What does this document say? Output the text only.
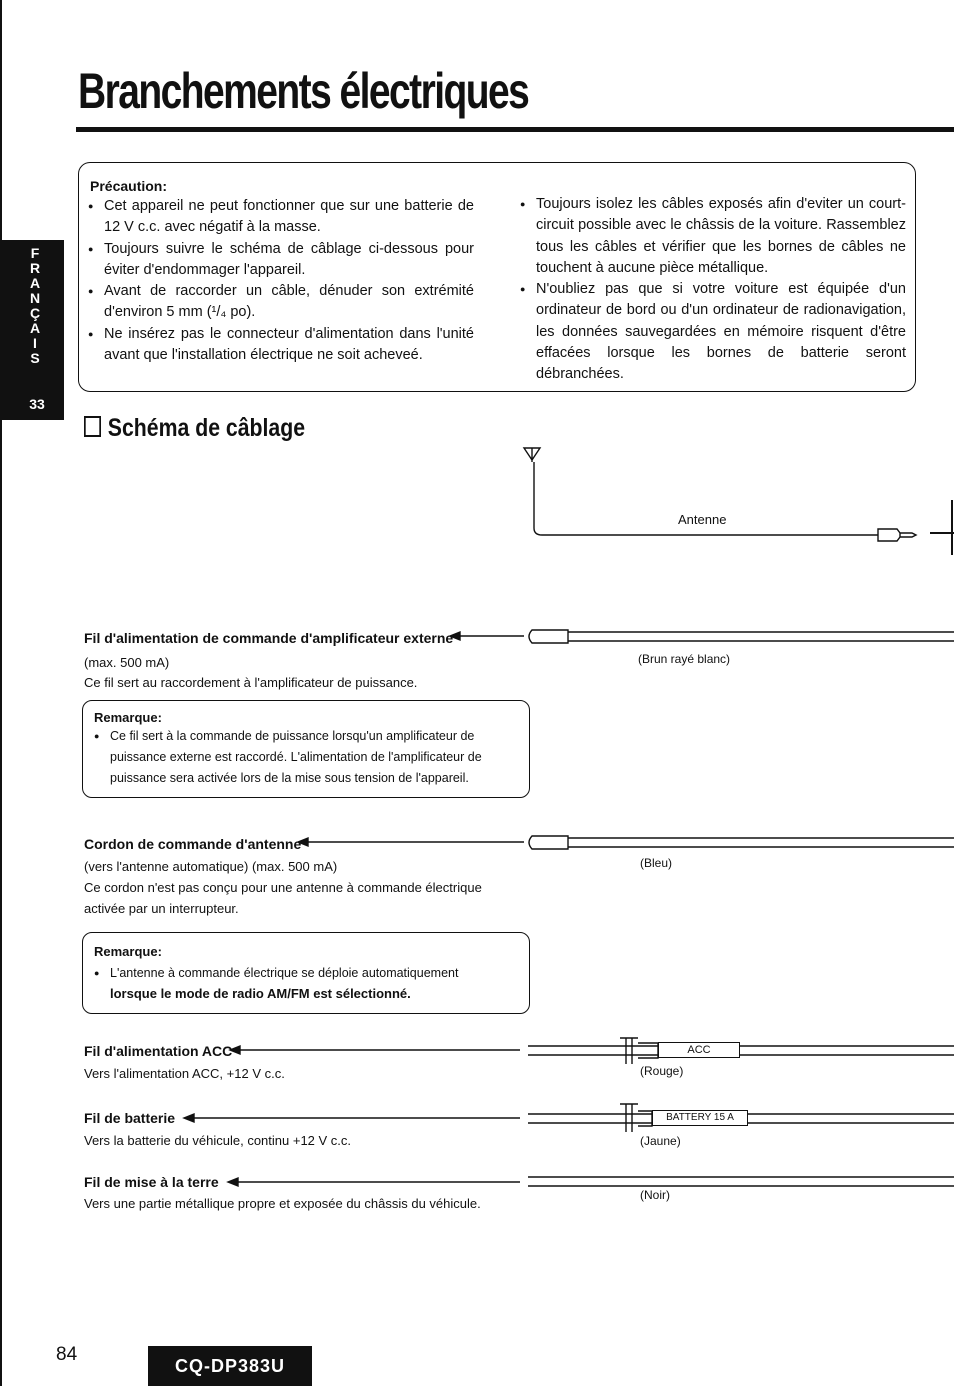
Branchements électriques
F
R
A
N
Ç
A
I
S
33
Précaution:
● Cet appareil ne peut fonctionner que sur une batterie de 12 V c.c. avec négatif à la masse.
● Toujours suivre le schéma de câblage ci-dessous pour éviter d'endommager l'appareil.
● Avant de raccorder un câble, dénuder son extrémité d'environ 5 mm (¹/₄ po).
● Ne insérez pas le connecteur d'alimentation dans l'unité avant que l'installation électrique ne soit acheveé.
● Toujours isolez les câbles exposés afin d'eviter un court-circuit possible avec le châssis de la voiture. Rassemblez tous les câbles et vérifier que les bornes de câbles ne touchent à aucune pièce métallique.
● N'oubliez pas que si votre voiture est équipée d'un ordinateur de bord ou d'un ordinateur de radionavigation, les données sauvegardées en mémoire risquent d'être effacées lorsque les bornes de batterie seront débranchées.
Schéma de câblage
Antenne
Fil d'alimentation de commande d'amplificateur externe
(max. 500 mA)
Ce fil sert au raccordement à l'amplificateur de puissance.
(Brun rayé blanc)
Remarque:
● Ce fil sert à la commande de puissance lorsqu'un amplificateur de puissance externe est raccordé. L'alimentation de l'amplificateur de puissance sera activée lors de la mise sous tension de l'appareil.
Cordon de commande d'antenne
(vers l'antenne automatique) (max. 500 mA)
Ce cordon n'est pas conçu pour une antenne à commande électrique
activée par un interrupteur.
(Bleu)
Remarque:
● L'antenne à commande électrique se déploie automatiquement
lorsque le mode de radio AM/FM est sélectionné.
Fil d'alimentation ACC
Vers l'alimentation ACC, +12 V c.c.
ACC
(Rouge)
Fil de batterie
Vers la batterie du véhicule, continu +12 V c.c.
BATTERY 15 A
(Jaune)
Fil de mise à la terre
Vers une partie métallique propre et exposée du châssis du véhicule.
(Noir)
84
CQ-DP383U
